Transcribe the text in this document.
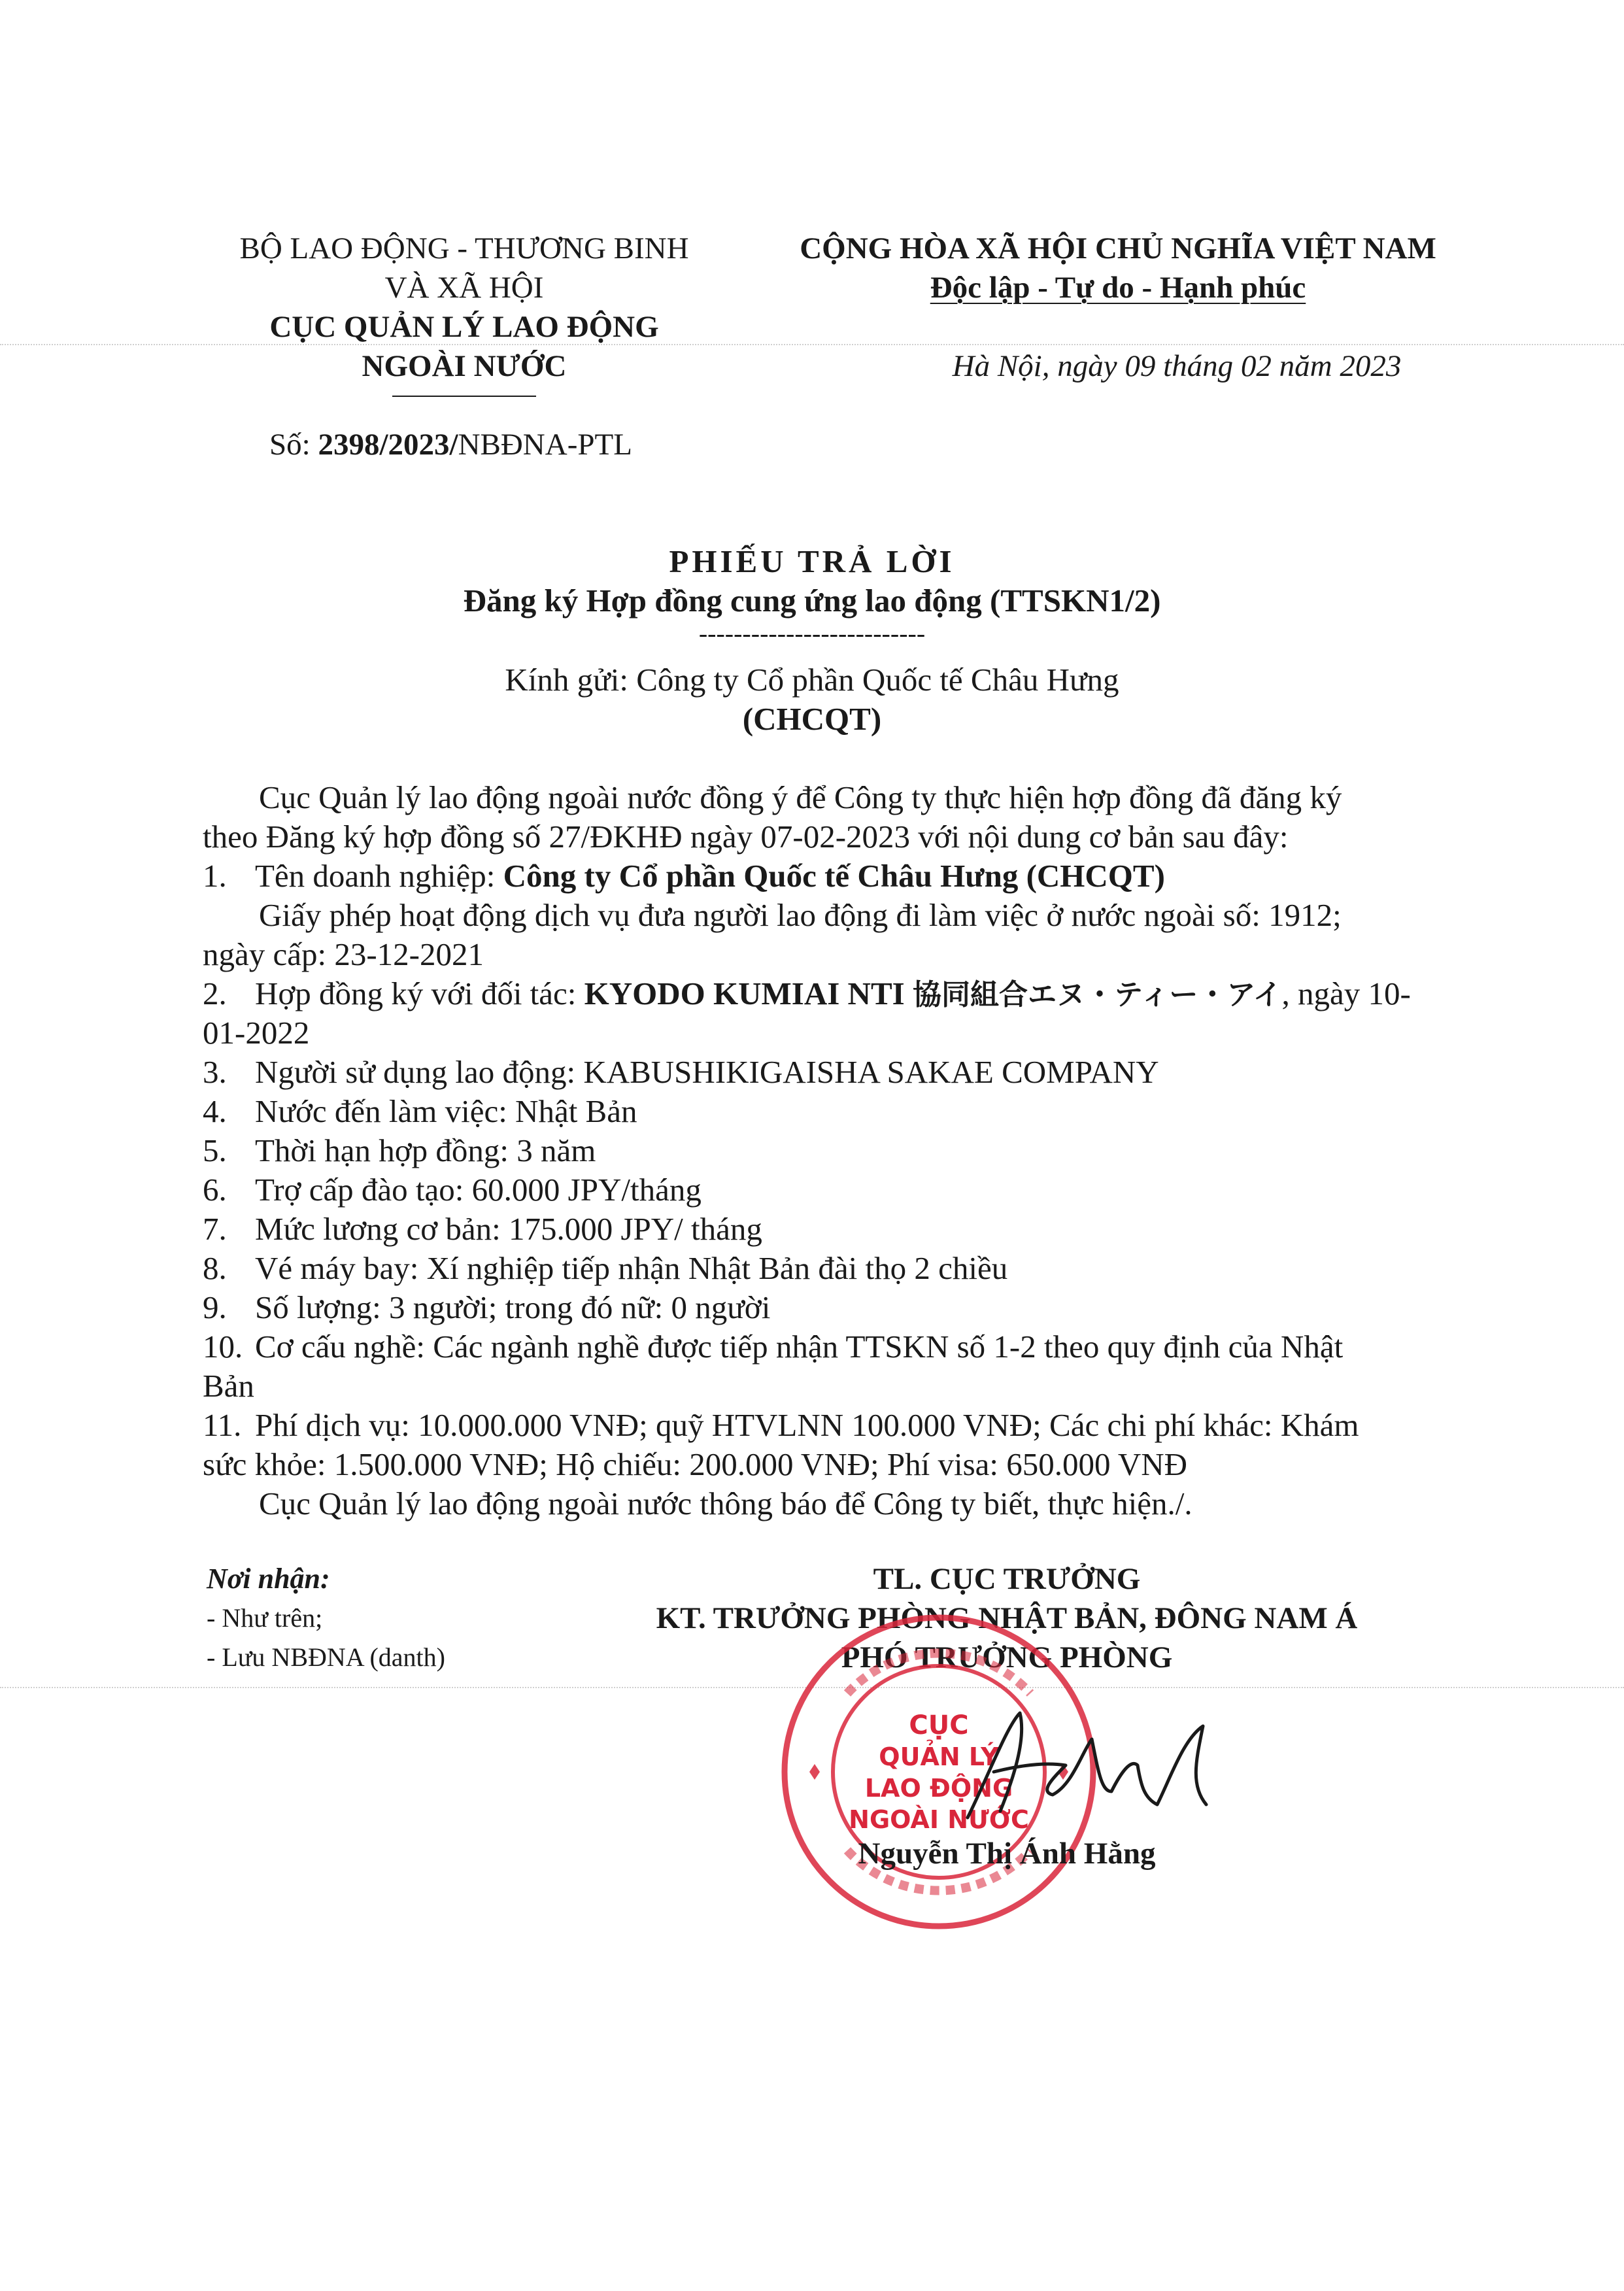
BỘ LAO ĐỘNG - THƯƠNG BINH
VÀ XÃ HỘI
CỤC QUẢN LÝ LAO ĐỘNG
NGOÀI NƯỚC
Số: 2398/2023/NBĐNA-PTL
CỘNG HÒA XÃ HỘI CHỦ NGHĨA VIỆT NAM
Độc lập - Tự do - Hạnh phúc
Hà Nội, ngày 09 tháng 02 năm 2023
PHIẾU TRẢ LỜI
Đăng ký Hợp đồng cung ứng lao động (TTSKN1/2)
--------------------------
Kính gửi: Công ty Cổ phần Quốc tế Châu Hưng
(CHCQT)
Cục Quản lý lao động ngoài nước đồng ý để Công ty thực hiện hợp đồng đã đăng ký
theo Đăng ký hợp đồng số 27/ĐKHĐ ngày 07-02-2023 với nội dung cơ bản sau đây:
1. Tên doanh nghiệp: Công ty Cổ phần Quốc tế Châu Hưng (CHCQT)
Giấy phép hoạt động dịch vụ đưa người lao động đi làm việc ở nước ngoài số: 1912;
ngày cấp: 23-12-2021
2. Hợp đồng ký với đối tác: KYODO KUMIAI NTI 協同組合エヌ・ティー・アイ, ngày 10-
01-2022
3. Người sử dụng lao động: KABUSHIKIGAISHA SAKAE COMPANY
4. Nước đến làm việc: Nhật Bản
5. Thời hạn hợp đồng: 3 năm
6. Trợ cấp đào tạo: 60.000 JPY/tháng
7. Mức lương cơ bản: 175.000 JPY/ tháng
8. Vé máy bay: Xí nghiệp tiếp nhận Nhật Bản đài thọ 2 chiều
9. Số lượng: 3 người; trong đó nữ: 0 người
10. Cơ cấu nghề: Các ngành nghề được tiếp nhận TTSKN số 1-2 theo quy định của Nhật
Bản
11. Phí dịch vụ: 10.000.000 VNĐ; quỹ HTVLNN 100.000 VNĐ; Các chi phí khác: Khám
sức khỏe: 1.500.000 VNĐ; Hộ chiếu: 200.000 VNĐ; Phí visa: 650.000 VNĐ
Cục Quản lý lao động ngoài nước thông báo để Công ty biết, thực hiện./.
Nơi nhận:
- Như trên;
- Lưu NBĐNA (danth)
TL. CỤC TRƯỞNG
KT. TRƯỞNG PHÒNG NHẬT BẢN, ĐÔNG NAM Á
PHÓ TRƯỞNG PHÒNG
CỤC
QUẢN LÝ
LAO ĐỘNG
NGOÀI NƯỚC
Nguyễn Thị Ánh Hằng
